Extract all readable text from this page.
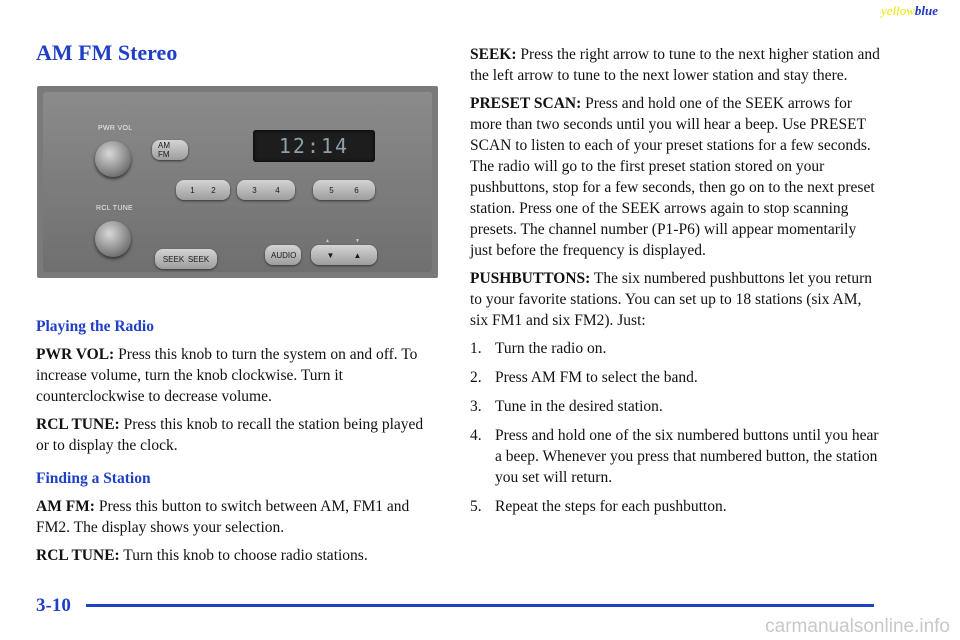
yellowblue
AM FM Stereo
PWR VOL
RCL TUNE
AM FM	12:14
1 2	3 4	5	6
SEEK SEEK	AUDIO
▲	▼
▼ ▲

Playing the Radio

PWR VOL: Press this knob to turn the system on and off. To increase volume, turn the knob clockwise. Turn it counterclockwise to decrease volume.

RCL TUNE: Press this knob to recall the station being played or to display the clock.

Finding a Station

AM FM: Press this button to switch between AM, FM1 and FM2. The display shows your selection.

RCL TUNE: Turn this knob to choose radio stations.

SEEK: Press the right arrow to tune to the next higher station and the left arrow to tune to the next lower station and stay there.

PRESET SCAN: Press and hold one of the SEEK arrows for more than two seconds until you will hear a beep. Use PRESET SCAN to listen to each of your preset stations for a few seconds. The radio will go to the first preset station stored on your pushbuttons, stop for a few seconds, then go on to the next preset station. Press one of the SEEK arrows again to stop scanning presets. The channel number (P1-P6) will appear momentarily just before the frequency is displayed.

PUSHBUTTONS: The six numbered pushbuttons let you return to your favorite stations. You can set up to 18 stations (six AM, six FM1 and six FM2). Just:

1. Turn the radio on.
2. Press AM FM to select the band.
3. Tune in the desired station.
4. Press and hold one of the six numbered buttons until you hear a beep. Whenever you press that numbered button, the station you set will return.
5. Repeat the steps for each pushbutton.
3-10
carmanualsonline.info
